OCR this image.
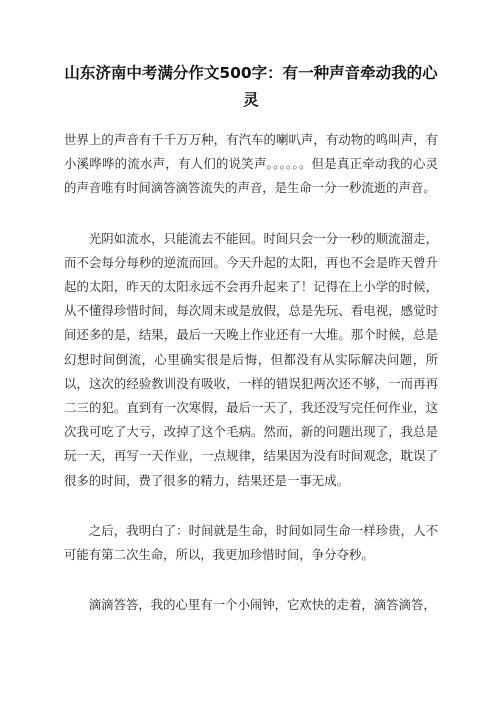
山东济南中考满分作文500字：有一种声音牵动我的心灵

世界上的声音有千千万万种，有汽车的喇叭声，有动物的鸣叫声，有小溪哗哗的流水声，有人们的说笑声。。。。。。但是真正牵动我的心灵的声音唯有时间滴答滴答流失的声音，是生命一分一秒流逝的声音。

光阴如流水，只能流去不能回。时间只会一分一秒的顺流溜走，而不会每分每秒的逆流而回。今天升起的太阳，再也不会是昨天曾升起的太阳，昨天的太阳永远不会再升起来了！记得在上小学的时候，从不懂得珍惜时间，每次周末或是放假，总是先玩、看电视，感觉时间还多的是，结果，最后一天晚上作业还有一大堆。那个时候，总是幻想时间倒流，心里确实很是后悔，但都没有从实际解决问题，所以，这次的经验教训没有吸收，一样的错误犯两次还不够，一而再再二三的犯。直到有一次寒假，最后一天了，我还没写完任何作业，这次我可吃了大亏，改掉了这个毛病。然而，新的问题出现了，我总是玩一天，再写一天作业，一点规律，结果因为没有时间观念，耽误了很多的时间，费了很多的精力，结果还是一事无成。

之后，我明白了：时间就是生命，时间如同生命一样珍贵，人不可能有第二次生命，所以，我更加珍惜时间，争分夺秒。

滴滴答答，我的心里有一个小闹钟，它欢快的走着，滴答滴答，
